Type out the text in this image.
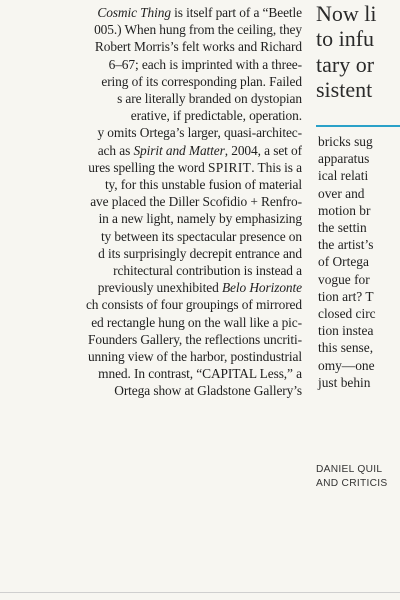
Cosmic Thing is itself part of a “Beetle
005.) When hung from the ceiling, they
Robert Morris’s felt works and Richard
6–67; each is imprinted with a three-
ering of its corresponding plan. Failed
s are literally branded on dystopian
erative, if predictable, operation.
y omits Ortega’s larger, quasi-architec-
ach as Spirit and Matter, 2004, a set of
ures spelling the word SPIRIT. This is a
ty, for this unstable fusion of material
ave placed the Diller Scofidio + Renfro-
in a new light, namely by emphasizing
ty between its spectacular presence on
d its surprisingly decrepit entrance and
rchitectural contribution is instead a
previously unexhibited Belo Horizonte
ch consists of four groupings of mirrored
ed rectangle hung on the wall like a pic-
Founders Gallery, the reflections uncriti-
unning view of the harbor, postindustrial
mned. In contrast, “CAPITAL Less,” a
Ortega show at Gladstone Gallery’s
Now li
to infu
tary or
sistent
bricks sug
apparatus
ical relati
over and
motion br
the settin
the artist’s
of Ortega
vogue for
tion art? T
closed circ
tion instea
this sense,
omy—one
just behin
DANIEL QUIL
AND CRITICIS
